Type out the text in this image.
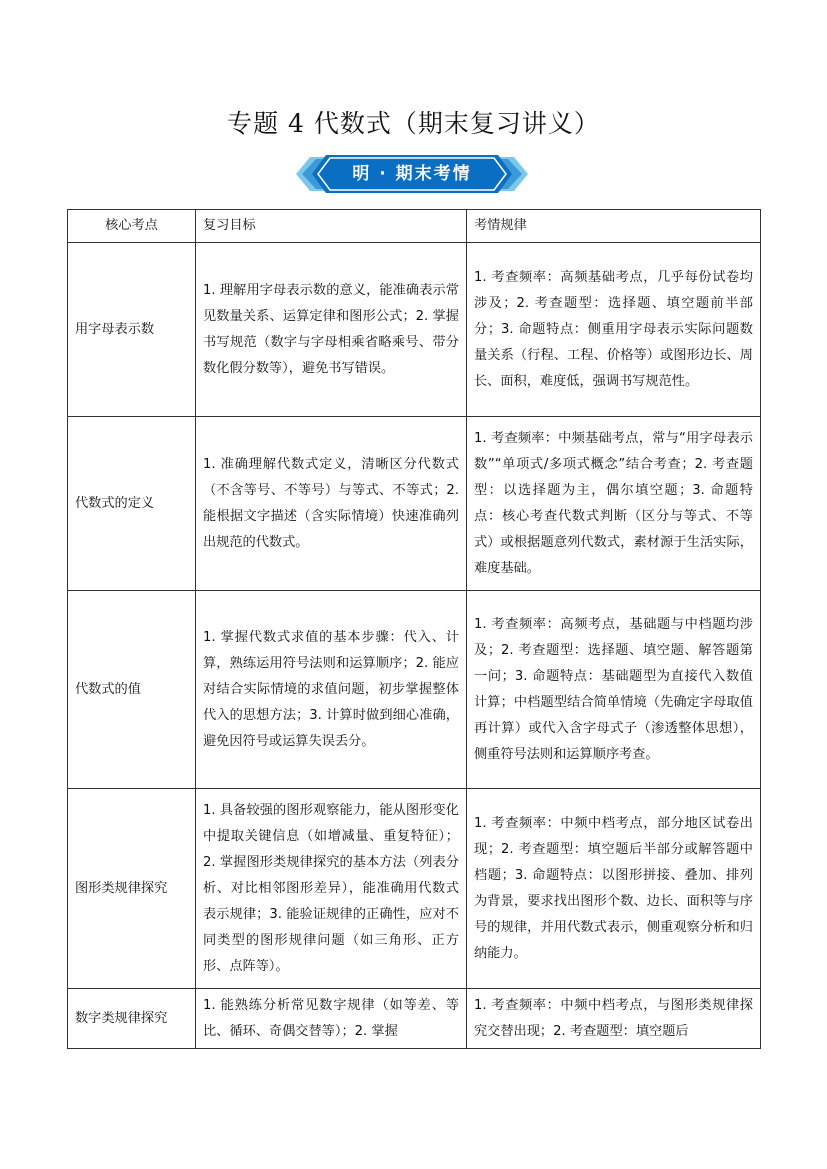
专题 4 代数式（期末复习讲义）
明 · 期末考情
核心考点	复习目标	考情规律
用字母表示数	1. 理解用字母表示数的意义，能准确表示常见数量关系、运算定律和图形公式；2. 掌握书写规范（数字与字母相乘省略乘号、带分数化假分数等），避免书写错误。	1. 考查频率：高频基础考点，几乎每份试卷均涉及；2. 考查题型：选择题、填空题前半部分；3. 命题特点：侧重用字母表示实际问题数量关系（行程、工程、价格等）或图形边长、周长、面积，难度低，强调书写规范性。
代数式的定义	1. 准确理解代数式定义，清晰区分代数式（不含等号、不等号）与等式、不等式；2. 能根据文字描述（含实际情境）快速准确列出规范的代数式。	1. 考查频率：中频基础考点，常与“用字母表示数”“单项式/多项式概念”结合考查；2. 考查题型：以选择题为主，偶尔填空题；3. 命题特点：核心考查代数式判断（区分与等式、不等式）或根据题意列代数式，素材源于生活实际，难度基础。
代数式的值	1. 掌握代数式求值的基本步骤：代入、计算，熟练运用符号法则和运算顺序；2. 能应对结合实际情境的求值问题，初步掌握整体代入的思想方法；3. 计算时做到细心准确，避免因符号或运算失误丢分。	1. 考查频率：高频考点，基础题与中档题均涉及；2. 考查题型：选择题、填空题、解答题第一问；3. 命题特点：基础题型为直接代入数值计算；中档题型结合简单情境（先确定字母取值再计算）或代入含字母式子（渗透整体思想），侧重符号法则和运算顺序考查。
图形类规律探究	1. 具备较强的图形观察能力，能从图形变化中提取关键信息（如增减量、重复特征）；2. 掌握图形类规律探究的基本方法（列表分析、对比相邻图形差异），能准确用代数式表示规律；3. 能验证规律的正确性，应对不同类型的图形规律问题（如三角形、正方形、点阵等）。	1. 考查频率：中频中档考点，部分地区试卷出现；2. 考查题型：填空题后半部分或解答题中档题；3. 命题特点：以图形拼接、叠加、排列为背景，要求找出图形个数、边长、面积等与序号的规律，并用代数式表示，侧重观察分析和归纳能力。
数字类规律探究	1. 能熟练分析常见数字规律（如等差、等比、循环、奇偶交替等）；2. 掌握	1. 考查频率：中频中档考点，与图形类规律探究交替出现；2. 考查题型：填空题后
